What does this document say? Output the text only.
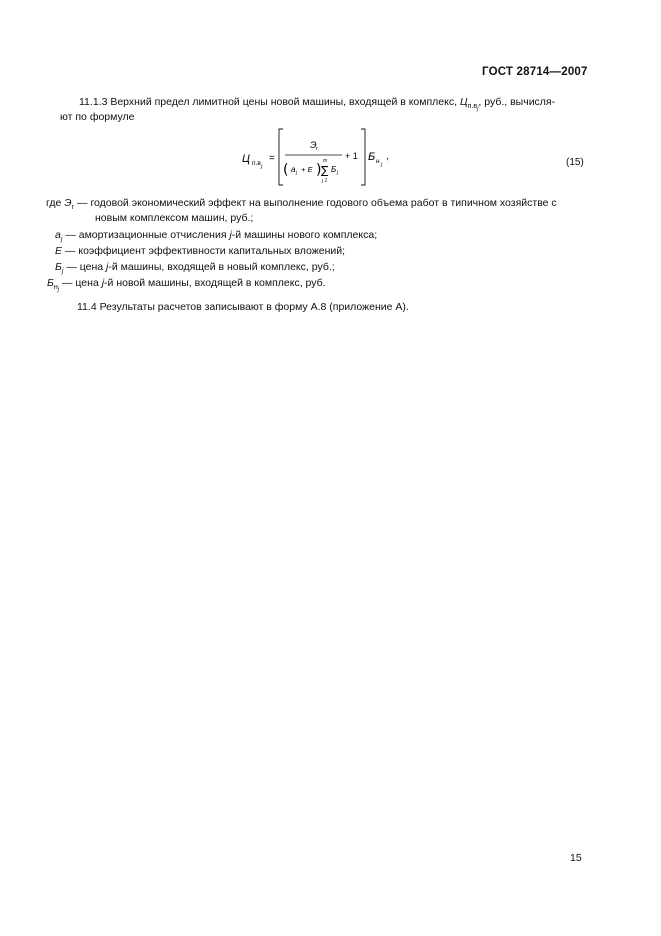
ГОСТ 28714—2007
11.1.3 Верхний предел лимитной цены новой машины, входящей в комплекс, $Ц_{п.вj}$, руб., вычисля-
ют по формуле
Ц п.в j
=
Э г
( a j + E )
m
∑
j 1
Б j
+ 1 Б н j
,
(15)
где $Э_г$ — годовой экономический эффект на выполнение годового объема работ в типичном хозяйстве с
новым комплексом машин, руб.;
$a_j$ — амортизационные отчисления j-й машины нового комплекса;
E — коэффициент эффективности капитальных вложений;
$Б_j$ — цена j-й машины, входящей в новый комплекс, руб.;
$Б_{нj}$ — цена j-й новой машины, входящей в комплекс, руб.
11.4 Результаты расчетов записывают в форму А.8 (приложение А).
15
